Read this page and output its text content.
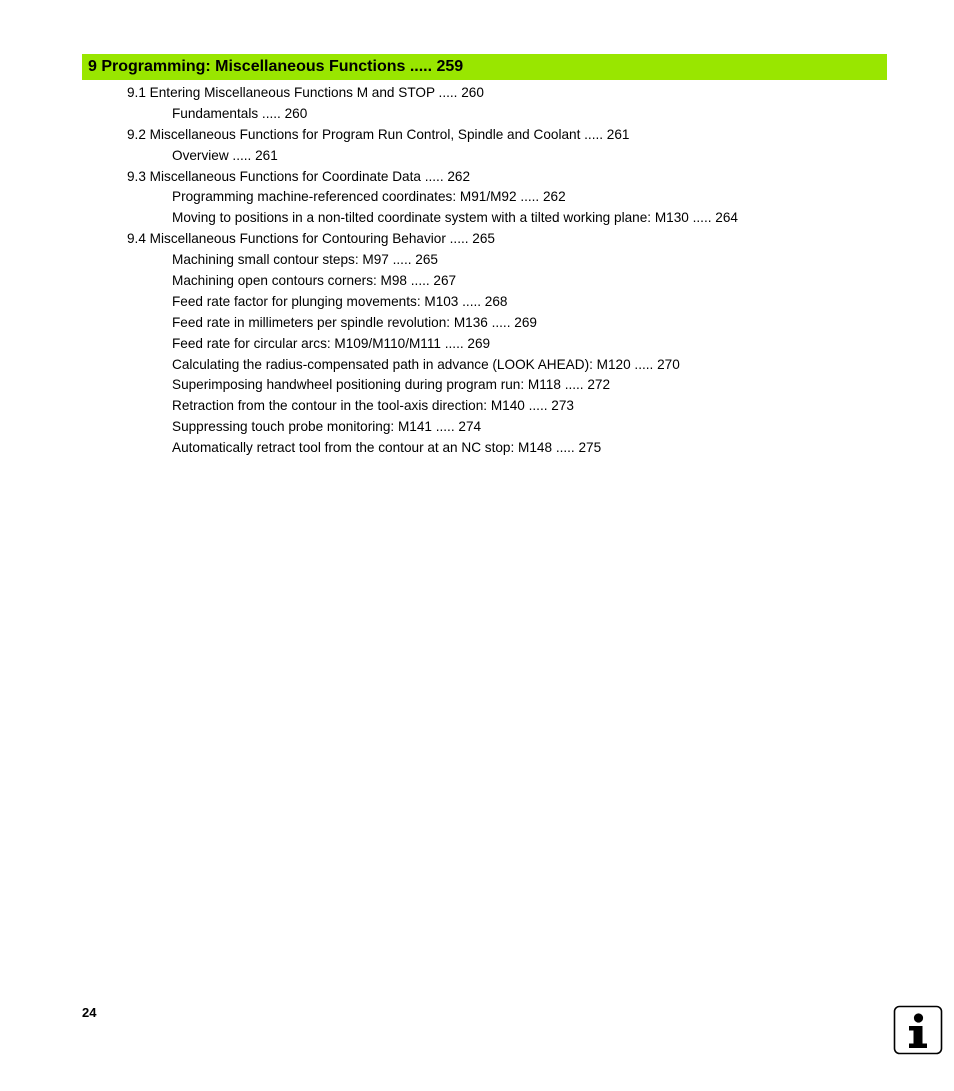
9 Programming: Miscellaneous Functions ..... 259
9.1 Entering Miscellaneous Functions M and STOP ..... 260
Fundamentals ..... 260
9.2 Miscellaneous Functions for Program Run Control, Spindle and Coolant ..... 261
Overview ..... 261
9.3 Miscellaneous Functions for Coordinate Data ..... 262
Programming machine-referenced coordinates: M91/M92 ..... 262
Moving to positions in a non-tilted coordinate system with a tilted working plane: M130 ..... 264
9.4 Miscellaneous Functions for Contouring Behavior ..... 265
Machining small contour steps: M97 ..... 265
Machining open contours corners: M98 ..... 267
Feed rate factor for plunging movements: M103 ..... 268
Feed rate in millimeters per spindle revolution: M136 ..... 269
Feed rate for circular arcs: M109/M110/M111 ..... 269
Calculating the radius-compensated path in advance (LOOK AHEAD): M120 ..... 270
Superimposing handwheel positioning during program run: M118 ..... 272
Retraction from the contour in the tool-axis direction: M140 ..... 273
Suppressing touch probe monitoring: M141 ..... 274
Automatically retract tool from the contour at an NC stop: M148 ..... 275
24
